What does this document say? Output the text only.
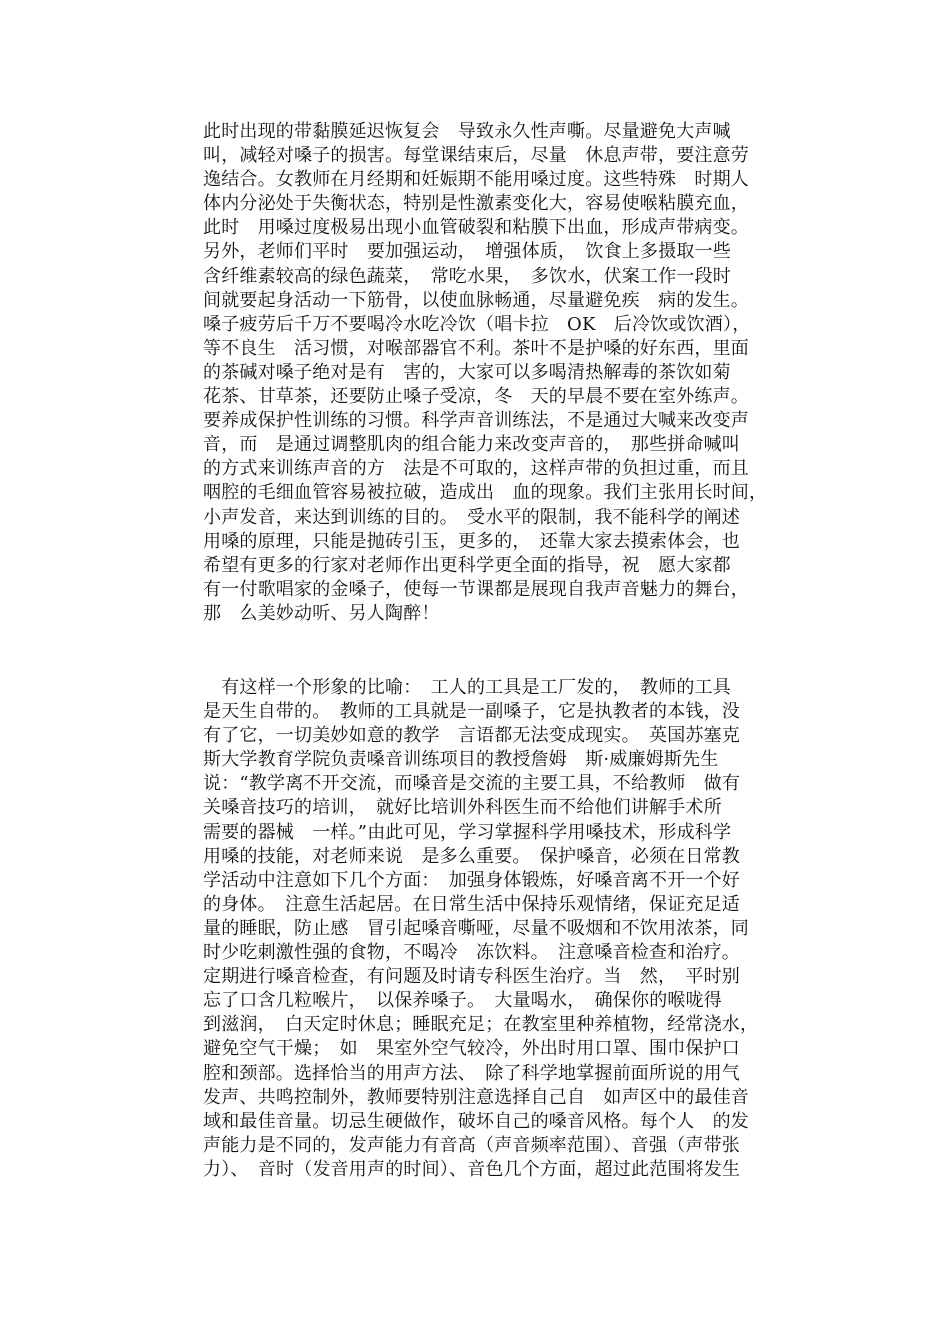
此时出现的带黏膜延迟恢复会　导致永久性声嘶。尽量避免大声喊
叫，减轻对嗓子的损害。每堂课结束后，尽量　休息声带，要注意劳
逸结合。女教师在月经期和妊娠期不能用嗓过度。这些特殊　时期人
体内分泌处于失衡状态，特别是性激素变化大，容易使喉粘膜充血，
此时　用嗓过度极易出现小血管破裂和粘膜下出血，形成声带病变。
另外，老师们平时　要加强运动，　增强体质，　饮食上多摄取一些
含纤维素较高的绿色蔬菜，　常吃水果，　多饮水，伏案工作一段时
间就要起身活动一下筋骨，以使血脉畅通，尽量避免疾　病的发生。
嗓子疲劳后千万不要喝冷水吃冷饮（唱卡拉　OK　后冷饮或饮酒），
等不良生　活习惯，对喉部器官不利。茶叶不是护嗓的好东西，里面
的茶碱对嗓子绝对是有　害的，大家可以多喝清热解毒的茶饮如菊
花茶、甘草茶，还要防止嗓子受凉，冬　天的早晨不要在室外练声。
要养成保护性训练的习惯。科学声音训练法，不是通过大喊来改变声
音，而　是通过调整肌肉的组合能力来改变声音的，　那些拼命喊叫
的方式来训练声音的方　法是不可取的，这样声带的负担过重，而且
咽腔的毛细血管容易被拉破，造成出　血的现象。我们主张用长时间，
小声发音，来达到训练的目的。　受水平的限制，我不能科学的阐述
用嗓的原理，只能是抛砖引玉，更多的，　还靠大家去摸索体会，也
希望有更多的行家对老师作出更科学更全面的指导，祝　愿大家都
有一付歌唱家的金嗓子，使每一节课都是展现自我声音魅力的舞台，
那　么美妙动听、另人陶醉！
　有这样一个形象的比喻：　工人的工具是工厂发的，　教师的工具
是天生自带的。　教师的工具就是一副嗓子，它是执教者的本钱，没
有了它，一切美妙如意的教学　言语都无法变成现实。　英国苏塞克
斯大学教育学院负责嗓音训练项目的教授詹姆　斯·威廉姆斯先生
说：“教学离不开交流，而嗓音是交流的主要工具，不给教师　做有
关嗓音技巧的培训，　就好比培训外科医生而不给他们讲解手术所
需要的器械　一样。”由此可见，学习掌握科学用嗓技术，形成科学
用嗓的技能，对老师来说　是多么重要。　保护嗓音，必须在日常教
学活动中注意如下几个方面：　加强身体锻炼，好嗓音离不开一个好
的身体。　注意生活起居。在日常生活中保持乐观情绪，保证充足适
量的睡眠，防止感　冒引起嗓音嘶哑，尽量不吸烟和不饮用浓茶，同
时少吃刺激性强的食物，不喝冷　冻饮料。　注意嗓音检查和治疗。
定期进行嗓音检查，有问题及时请专科医生治疗。当　然，　平时别
忘了口含几粒喉片，　以保养嗓子。　大量喝水，　确保你的喉咙得
到滋润，　白天定时休息；睡眠充足；在教室里种养植物，经常浇水，
避免空气干燥；　如　果室外空气较冷，外出时用口罩、围巾保护口
腔和颈部。选择恰当的用声方法、　除了科学地掌握前面所说的用气
发声、共鸣控制外，教师要特别注意选择自己自　如声区中的最佳音
域和最佳音量。切忌生硬做作，破坏自己的嗓音风格。每个人　的发
声能力是不同的，发声能力有音高（声音频率范围）、音强（声带张
力）、　音时（发音用声的时间）、音色几个方面，超过此范围将发生
